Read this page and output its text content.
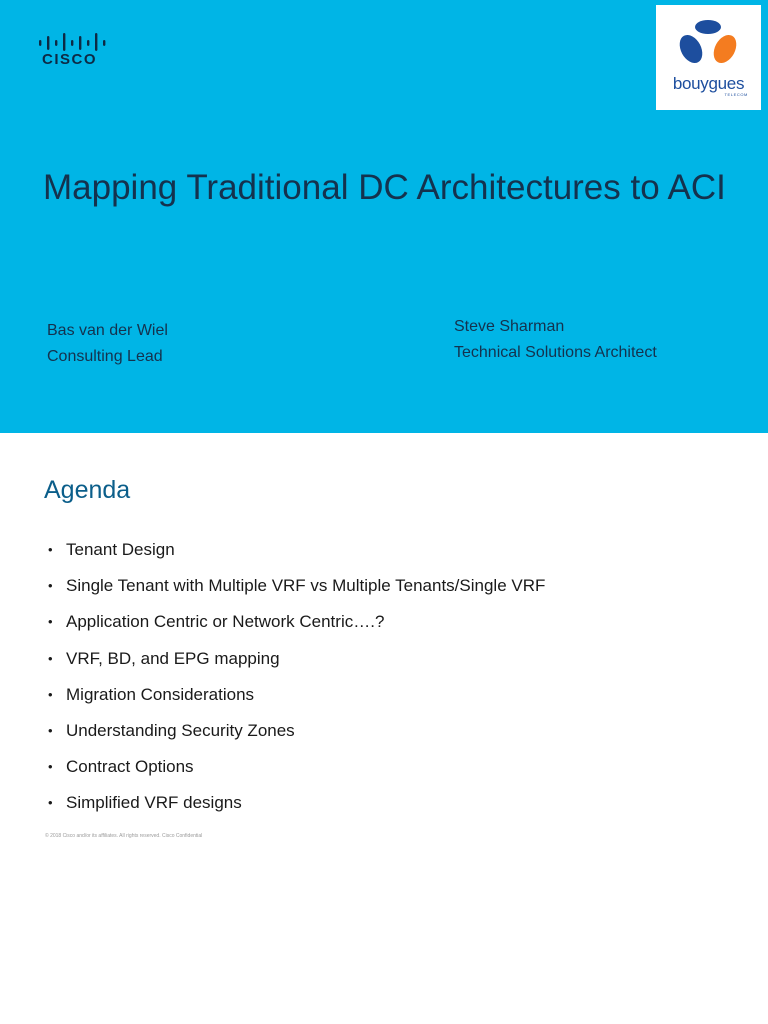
CISCO
bouygues
TELECOM
Mapping Traditional DC Architectures to ACI
Bas van der Wiel
Consulting Lead
Steve Sharman
Technical Solutions Architect
Agenda
• Tenant Design
• Single Tenant with Multiple VRF vs Multiple Tenants/Single VRF
• Application Centric or Network Centric….?
• VRF, BD, and EPG mapping
• Migration Considerations
• Understanding Security Zones
• Contract Options
• Simplified VRF designs
© 2018 Cisco and/or its affiliates. All rights reserved. Cisco Confidential
